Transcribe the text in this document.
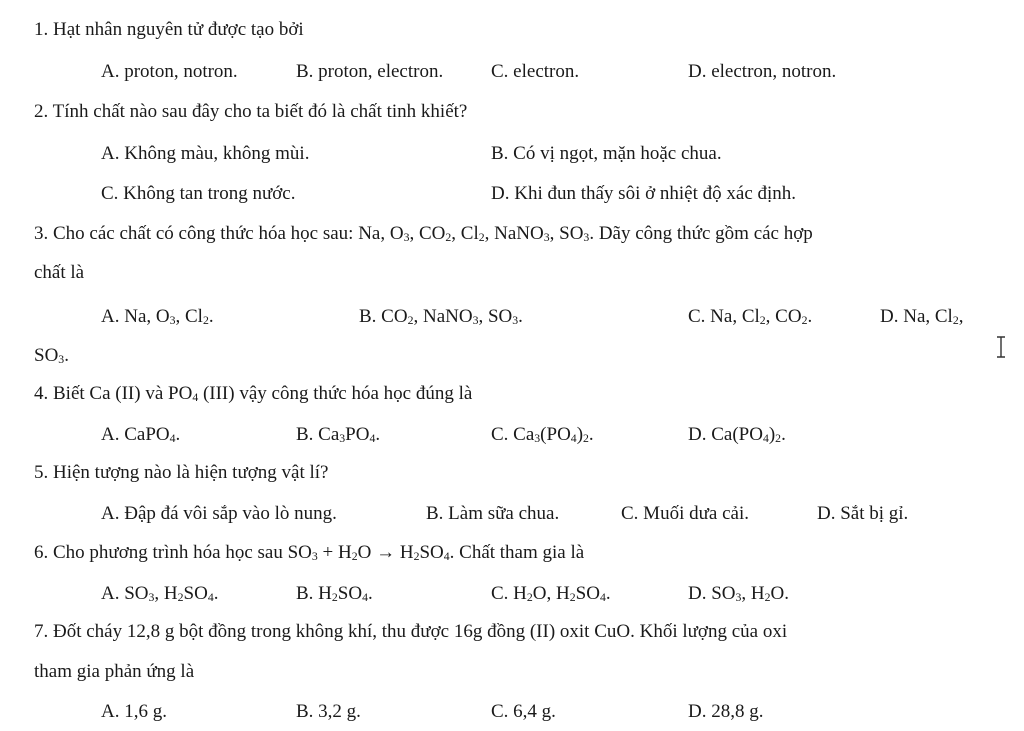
1. Hạt nhân nguyên tử được tạo bởi
A. proton, notron.	B. proton, electron.	C. electron.	D. electron, notron.
2. Tính chất nào sau đây cho ta biết đó là chất tinh khiết?
A. Không màu, không mùi.	B. Có vị ngọt, mặn hoặc chua.
C. Không tan trong nước.	D. Khi đun thấy sôi ở nhiệt độ xác định.
3. Cho các chất có công thức hóa học sau: Na, $O_3$, $CO_2$, $Cl_2$, NaNO$_3$, $SO_3$. Dãy công thức gồm các hợp
chất là
A. Na, $O_3$, $Cl_2$.	B. $CO_2$, NaNO$_3$, $SO_3$.	C. Na, $Cl_2$, $CO_2$.	D. Na, $Cl_2$,
$SO_3$.
4. Biết Ca (II) và $PO_4$ (III) vậy công thức hóa học đúng là
A. CaPO$_4$.	B. $Ca_3PO_4$.	C. $Ca_3(PO_4)_2$.	D. $Ca(PO_4)_2$.
5. Hiện tượng nào là hiện tượng vật lí?
A. Đập đá vôi sắp vào lò nung.	B. Làm sữa chua.	C. Muối dưa cải.	D. Sắt bị gỉ.
6. Cho phương trình hóa học sau $SO_3 + H_2O \to H_2SO_4$. Chất tham gia là
A. $SO_3$, $H_2SO_4$.	B. $H_2SO_4$.	C. $H_2O$, $H_2SO_4$.	D. $SO_3$, $H_2O$.
7. Đốt cháy 12,8 g bột đồng trong không khí, thu được 16g đồng (II) oxit CuO. Khối lượng của oxi
tham gia phản ứng là
A. 1,6 g.	B. 3,2 g.	C. 6,4 g.	D. 28,8 g.
